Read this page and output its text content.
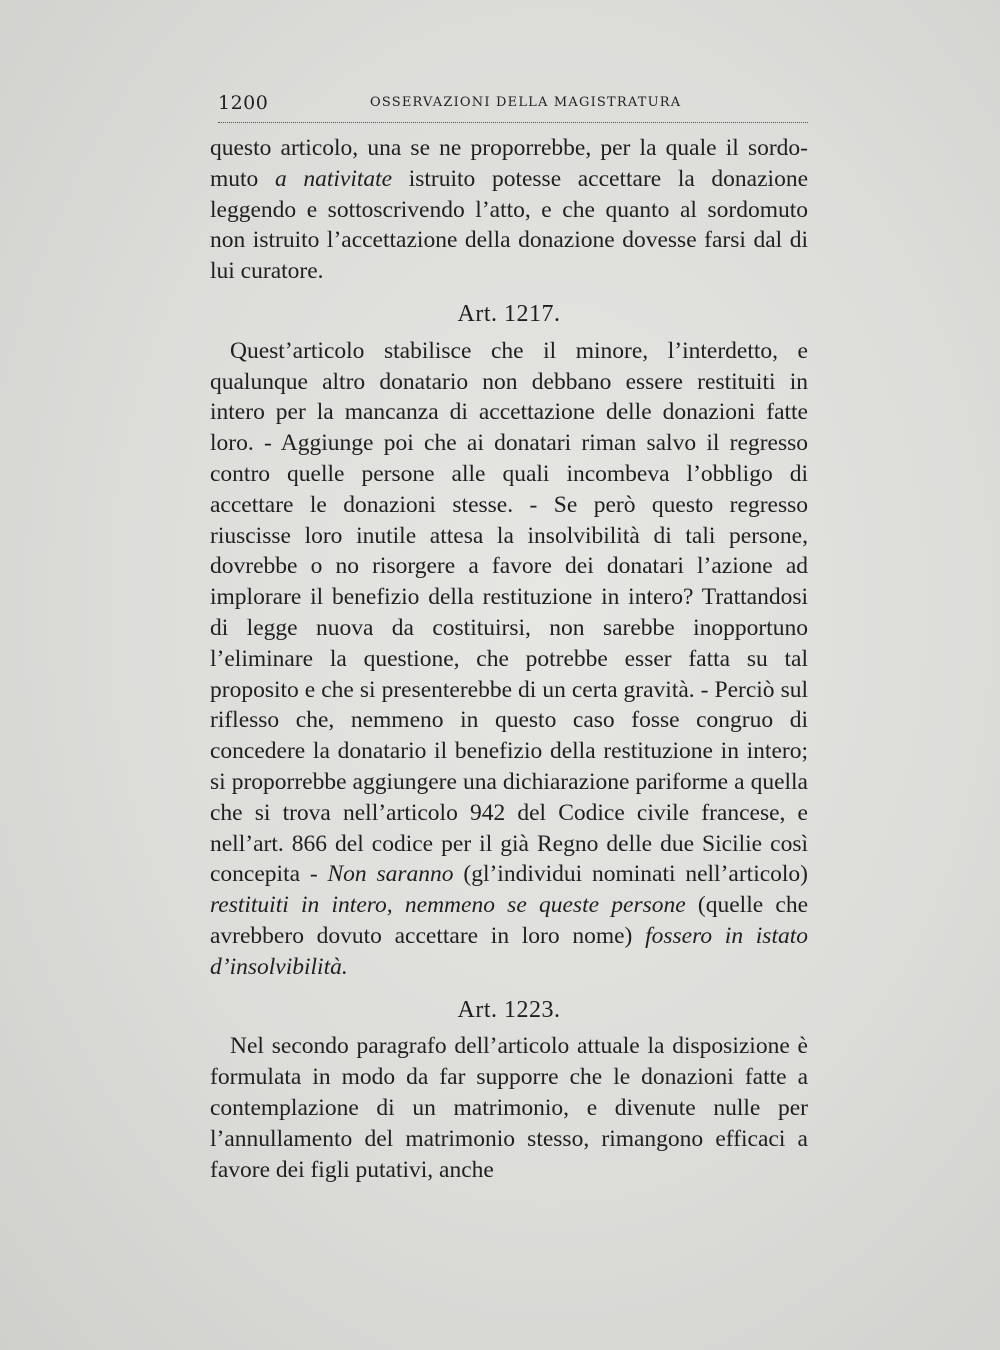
1200	OSSERVAZIONI DELLA MAGISTRATURA

questo articolo, una se ne proporrebbe, per la quale il sordo-muto a nativitate istruito potesse accettare la donazione leggendo e sottoscrivendo l’atto, e che quanto al sordomuto non istruito l’accettazione della donazione dovesse farsi dal di lui curatore.

Art. 1217.

Quest’articolo stabilisce che il minore, l’interdetto, e qualunque altro donatario non debbano essere restituiti in intero per la mancanza di accettazione delle donazioni fatte loro. - Aggiunge poi che ai donatari riman salvo il regresso contro quelle persone alle quali incombeva l’obbligo di accettare le donazioni stesse. - Se però questo regresso riuscisse loro inutile attesa la insolvibilità di tali persone, dovrebbe o no risorgere a favore dei donatari l’azione ad implorare il benefizio della restituzione in intero? Trattandosi di legge nuova da costituirsi, non sarebbe inopportuno l’eliminare la questione, che potrebbe esser fatta su tal proposito e che si presenterebbe di un certa gravità. - Perciò sul riflesso che, nemmeno in questo caso fosse congruo di concedere la donatario il benefizio della restituzione in intero; si proporrebbe aggiungere una dichiarazione pariforme a quella che si trova nell’articolo 942 del Codice civile francese, e nell’art. 866 del codice per il già Regno delle due Sicilie così concepita - Non saranno (gl’individui nominati nell’articolo) restituiti in intero, nemmeno se queste persone (quelle che avrebbero dovuto accettare in loro nome) fossero in istato d’insolvibilità.

Art. 1223.

Nel secondo paragrafo dell’articolo attuale la disposizione è formulata in modo da far supporre che le donazioni fatte a contemplazione di un matrimonio, e divenute nulle per l’annullamento del matrimonio stesso, rimangono efficaci a favore dei figli putativi, anche
